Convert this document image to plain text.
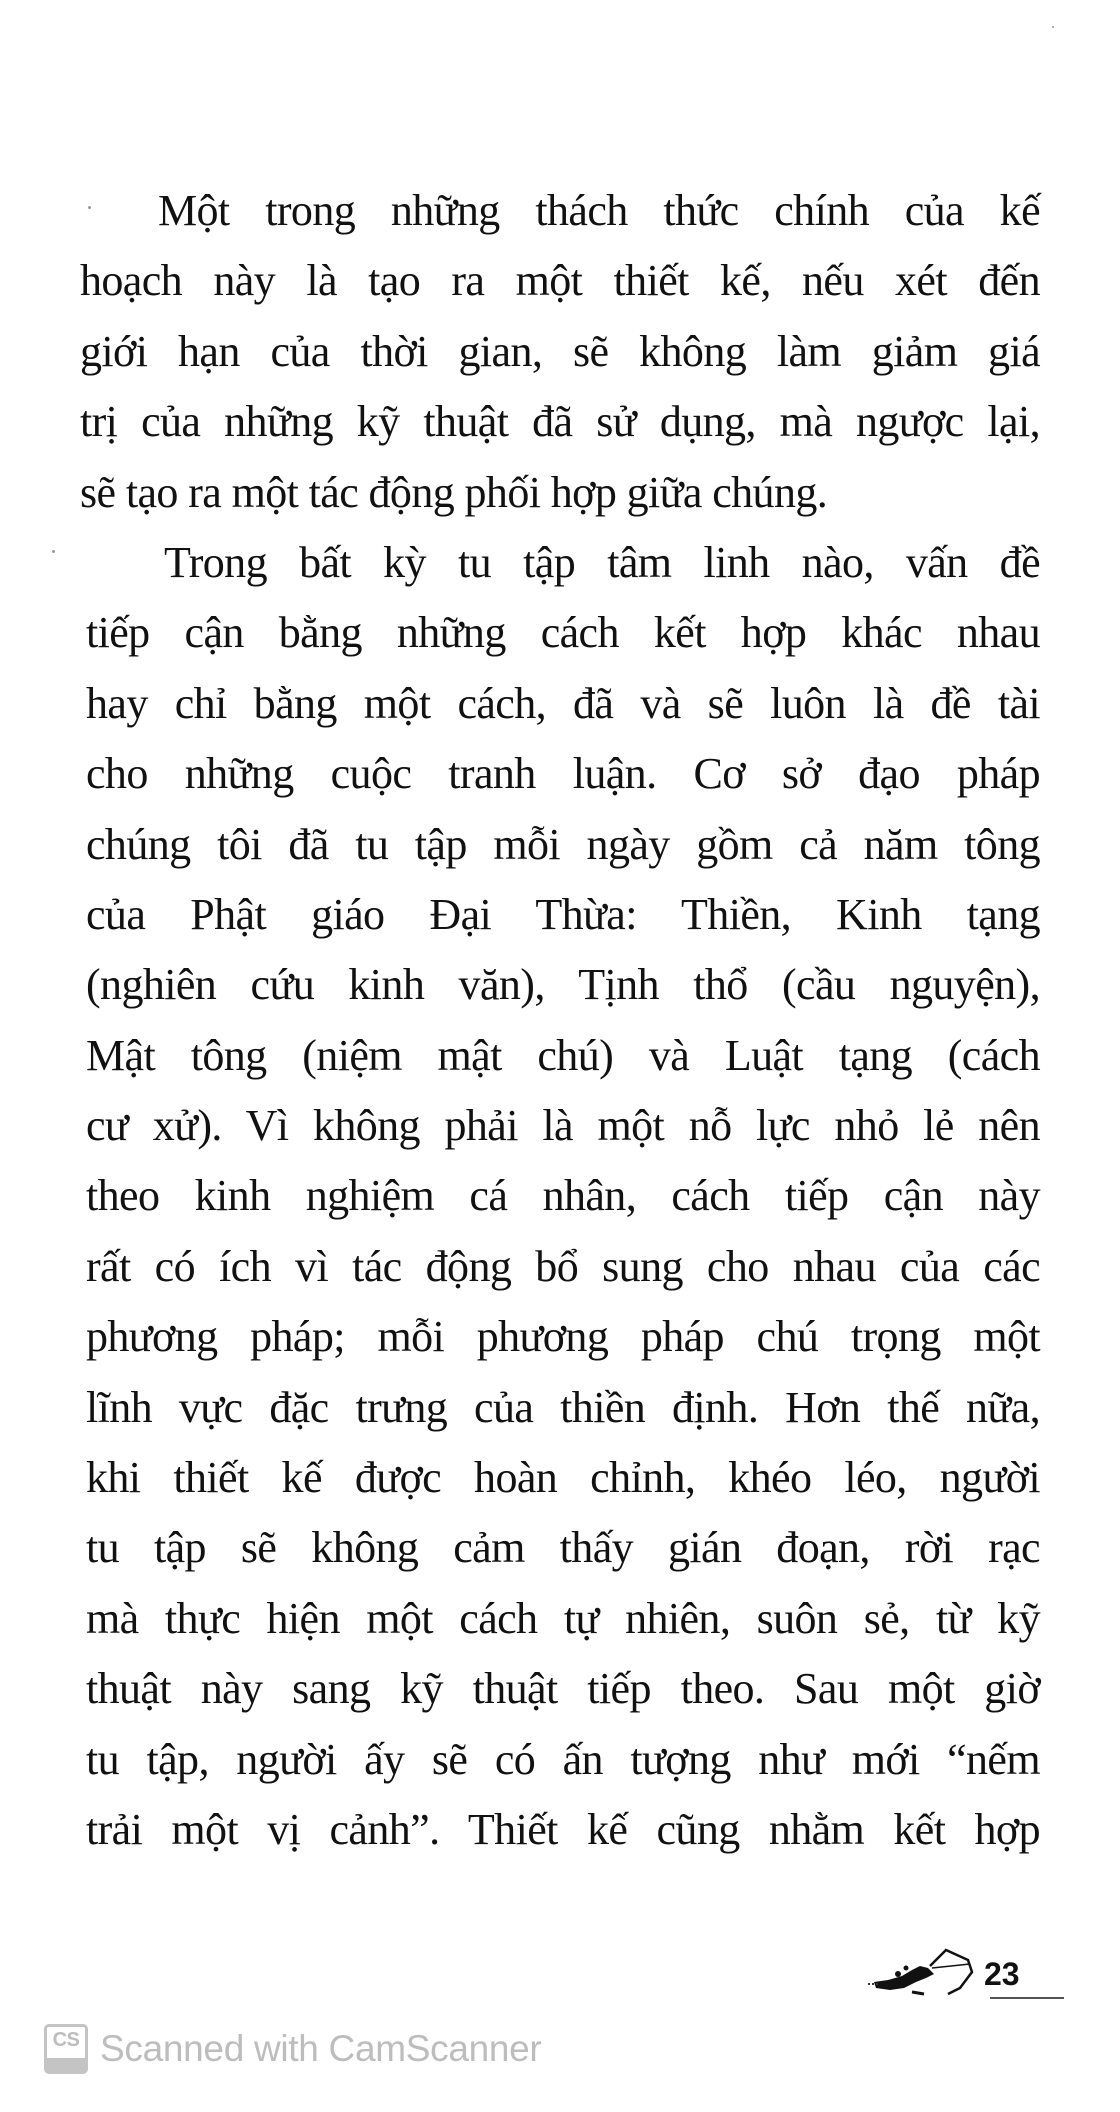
Một trong những thách thức chính của kế
hoạch này là tạo ra một thiết kế, nếu xét đến
giới hạn của thời gian, sẽ không làm giảm giá
trị của những kỹ thuật đã sử dụng, mà ngược lại,
sẽ tạo ra một tác động phối hợp giữa chúng.
Trong bất kỳ tu tập tâm linh nào, vấn đề
tiếp cận bằng những cách kết hợp khác nhau
hay chỉ bằng một cách, đã và sẽ luôn là đề tài
cho những cuộc tranh luận. Cơ sở đạo pháp
chúng tôi đã tu tập mỗi ngày gồm cả năm tông
của Phật giáo Đại Thừa: Thiền, Kinh tạng
(nghiên cứu kinh văn), Tịnh thổ (cầu nguyện),
Mật tông (niệm mật chú) và Luật tạng (cách
cư xử). Vì không phải là một nỗ lực nhỏ lẻ nên
theo kinh nghiệm cá nhân, cách tiếp cận này
rất có ích vì tác động bổ sung cho nhau của các
phương pháp; mỗi phương pháp chú trọng một
lĩnh vực đặc trưng của thiền định. Hơn thế nữa,
khi thiết kế được hoàn chỉnh, khéo léo, người
tu tập sẽ không cảm thấy gián đoạn, rời rạc
mà thực hiện một cách tự nhiên, suôn sẻ, từ kỹ
thuật này sang kỹ thuật tiếp theo. Sau một giờ
tu tập, người ấy sẽ có ấn tượng như mới “nếm
trải một vị cảnh”. Thiết kế cũng nhằm kết hợp
23
CS Scanned with CamScanner
